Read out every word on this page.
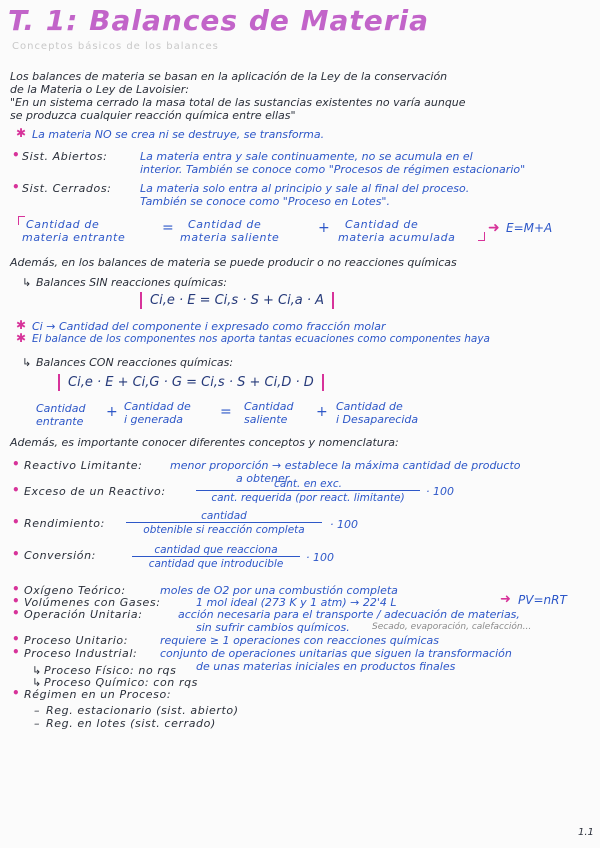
T. 1: Balances de Materia
Conceptos básicos de los balances
Los balances de materia se basan en la aplicación de la Ley de la conservación
de la Materia o Ley de Lavoisier:
"En un sistema cerrado la masa total de las sustancias existentes no varía aunque
se produzca cualquier reacción química entre ellas"
✱ La materia NO se crea ni se destruye, se transforma.
• Sist. Abiertos:	La materia entra y sale continuamente, no se acumula en el
interior. También se conoce como "Procesos de régimen estacionario"
• Sist. Cerrados:	La materia solo entra al principio y sale al final del proceso.
También se conoce como "Proceso en Lotes".
Cantidad de
materia entrante
= Cantidad de
materia saliente
+ Cantidad de
materia acumulada
➜ E=M+A
Además, en los balances de materia se puede producir o no reacciones químicas
↳ Balances SIN reacciones químicas:
Ci,e · E = Ci,s · S + Ci,a · A
✱ Ci → Cantidad del componente i expresado como fracción molar
✱ El balance de los componentes nos aporta tantas ecuaciones como componentes haya
↳ Balances CON reacciones químicas:
Ci,e · E + Ci,G · G = Ci,s · S + Ci,D · D
Cantidad
entrante
+ Cantidad de
i generada	= Cantidad
saliente + Cantidad de
i Desaparecida
Además, es importante conocer diferentes conceptos y nomenclatura:
• Reactivo Limitante:	menor proporción → establece la máxima cantidad de producto
a obtener.
• Exceso de un Reactivo:
cant. en exc.
cant. requerida (por react. limitante)	· 100
• Rendimiento:
cantidad
obtenible si reacción completa	· 100
• Conversión:	cantidad que reacciona
cantidad que introducible	· 100
• Oxígeno Teórico:	moles de O2 por una combustión completa
• Volúmenes con Gases:	1 mol ideal (273 K y 1 atm) → 22'4 L	PV=nRT
➜
• Operación Unitaria:	acción necesaria para el transporte / adecuación de materias,
sin sufrir cambios químicos. Secado, evaporación, calefacción...
• Proceso Unitario:	requiere ≥ 1 operaciones con reacciones químicas
• Proceso Industrial: conjunto de operaciones unitarias que siguen la transformación
de unas materias iniciales en productos finales
↳ Proceso Físico: no rqs
↳ Proceso Químico: con rqs
• Régimen en un Proceso:
– Reg. estacionario (sist. abierto)
– Reg. en lotes (sist. cerrado)
1.1
